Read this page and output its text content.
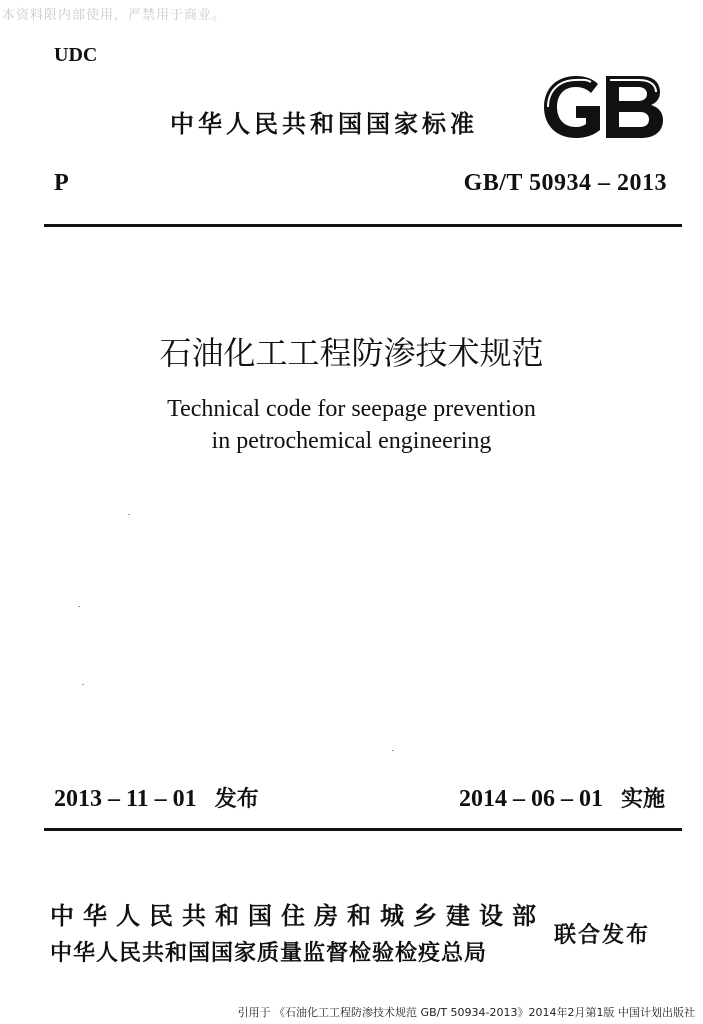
本资料限内部使用，严禁用于商业。
UDC
中华人民共和国国家标准
P	GB/T 50934 – 2013
石油化工工程防渗技术规范
Technical code for seepage prevention
in petrochemical engineering
2013 – 11 – 01 发布	2014 – 06 – 01 实施
中华人民共和国住房和城乡建设部
中华人民共和国国家质量监督检验检疫总局
联合发布
引用于 《石油化工工程防渗技术规范 GB/T 50934-2013》2014年2月第1版 中国计划出版社
